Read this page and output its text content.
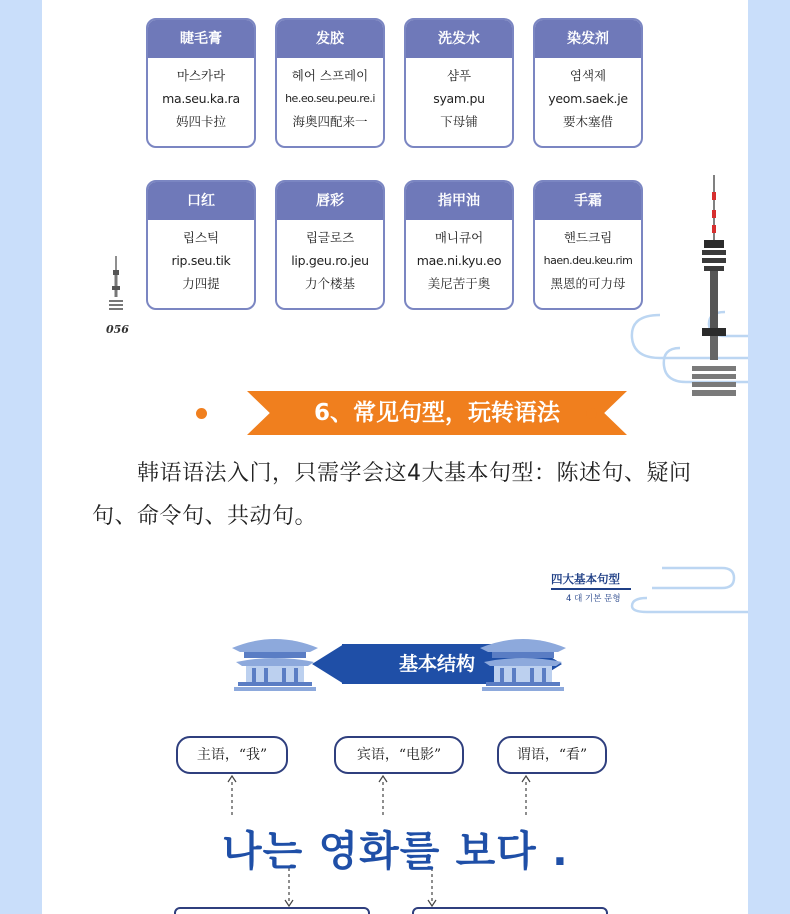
睫毛膏
마스카라
ma.seu.ka.ra
妈四卡拉
发胶
헤어 스프레이
he.eo.seu.peu.re.i
海奥四配来一
洗发水
샴푸
syam.pu
下母铺
染发剂
염색제
yeom.saek.je
要木塞借
口红
립스틱
rip.seu.tik
力四提
唇彩
립글로즈
lip.geu.ro.jeu
力个楼基
指甲油
매니큐어
mae.ni.kyu.eo
美尼苦于奥
手霜
핸드크림
haen.deu.keu.rim
黑恩的可力母
056
6、常见句型，玩转语法
韩语语法入门，只需学会这4大基本句型：陈述句、疑问句、命令句、共动句。
四大基本句型
4 대 기본 문형
基本结构
主语，“我”	宾语，“电影”	谓语，“看”
나는 영화를 보다 .
